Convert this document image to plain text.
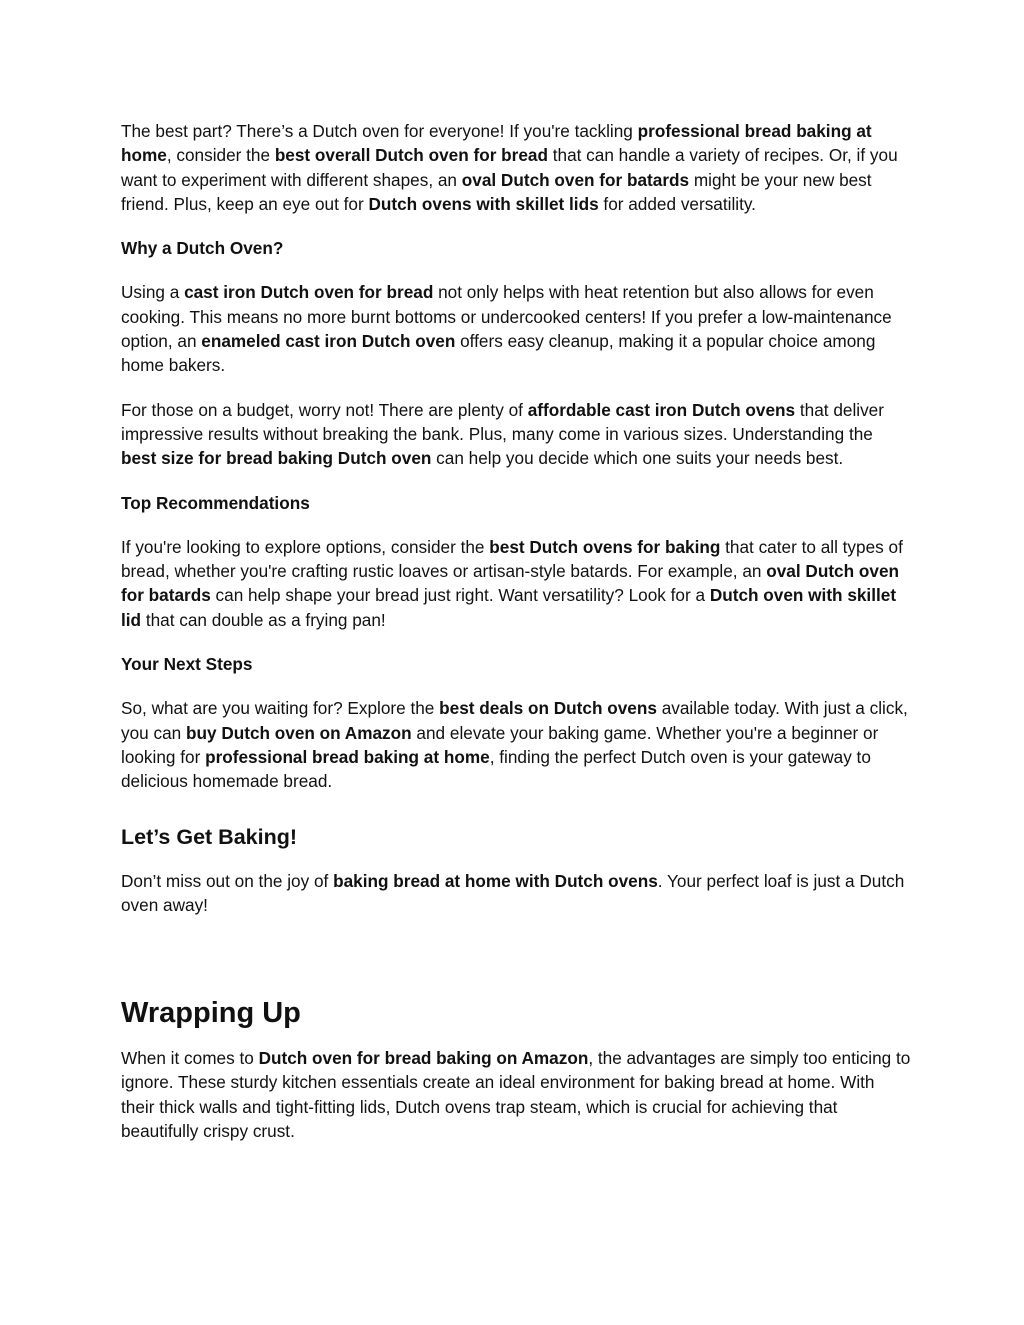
The best part? There’s a Dutch oven for everyone! If you're tackling professional bread baking at home, consider the best overall Dutch oven for bread that can handle a variety of recipes. Or, if you want to experiment with different shapes, an oval Dutch oven for batards might be your new best friend. Plus, keep an eye out for Dutch ovens with skillet lids for added versatility.

Why a Dutch Oven?

Using a cast iron Dutch oven for bread not only helps with heat retention but also allows for even cooking. This means no more burnt bottoms or undercooked centers! If you prefer a low-maintenance option, an enameled cast iron Dutch oven offers easy cleanup, making it a popular choice among home bakers.

For those on a budget, worry not! There are plenty of affordable cast iron Dutch ovens that deliver impressive results without breaking the bank. Plus, many come in various sizes. Understanding the best size for bread baking Dutch oven can help you decide which one suits your needs best.

Top Recommendations

If you're looking to explore options, consider the best Dutch ovens for baking that cater to all types of bread, whether you're crafting rustic loaves or artisan-style batards. For example, an oval Dutch oven for batards can help shape your bread just right. Want versatility? Look for a Dutch oven with skillet lid that can double as a frying pan!

Your Next Steps

So, what are you waiting for? Explore the best deals on Dutch ovens available today. With just a click, you can buy Dutch oven on Amazon and elevate your baking game. Whether you're a beginner or looking for professional bread baking at home, finding the perfect Dutch oven is your gateway to delicious homemade bread.

Let’s Get Baking!

Don’t miss out on the joy of baking bread at home with Dutch ovens. Your perfect loaf is just a Dutch oven away!

Wrapping Up

When it comes to Dutch oven for bread baking on Amazon, the advantages are simply too enticing to ignore. These sturdy kitchen essentials create an ideal environment for baking bread at home. With their thick walls and tight-fitting lids, Dutch ovens trap steam, which is crucial for achieving that beautifully crispy crust.
